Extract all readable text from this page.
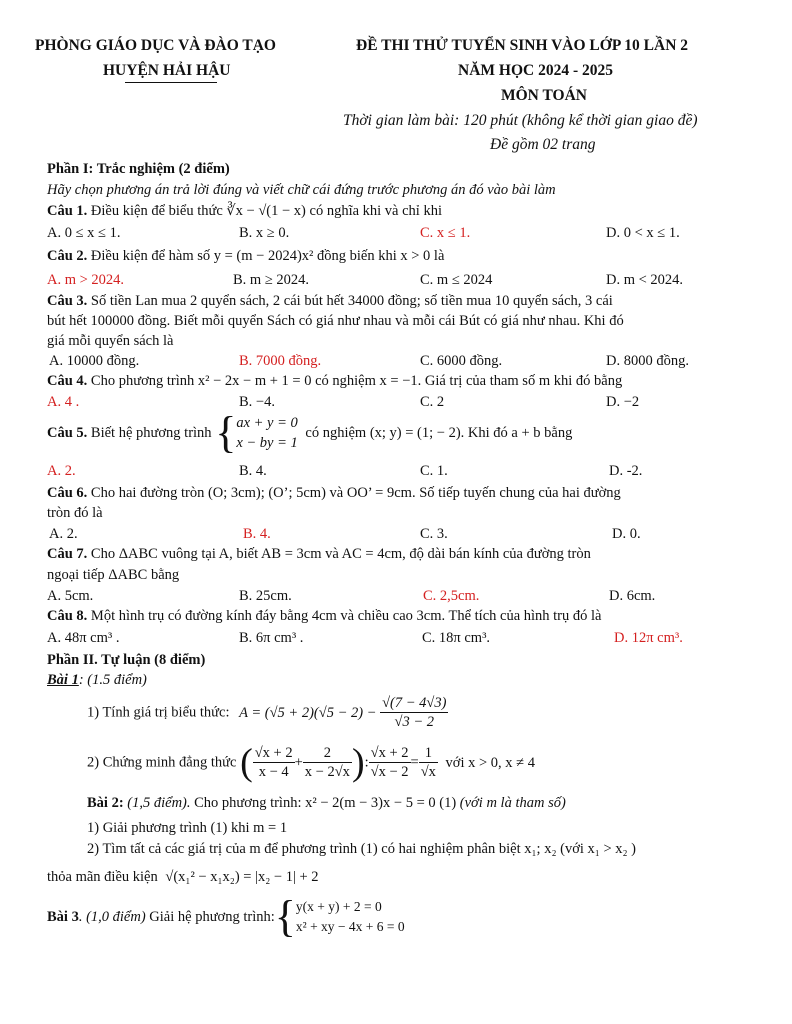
PHÒNG GIÁO DỤC VÀ ĐÀO TẠO
HUYỆN HẢI HẬU
ĐỀ THI THỬ TUYỂN SINH VÀO LỚP 10 LẦN 2
NĂM HỌC 2024 - 2025
MÔN TOÁN
Thời gian làm bài: 120 phút (không kể thời gian giao đề)
Đề gồm 02 trang
Phần I: Trắc nghiệm (2 điểm)
Hãy chọn phương án trả lời đúng và viết chữ cái đứng trước phương án đó vào bài làm
Câu 1. Điều kiện để biểu thức ∛x − √(1 − x) có nghĩa khi và chỉ khi
A. 0 ≤ x ≤ 1.	B. x ≥ 0.	C. x ≤ 1.	D. 0 < x ≤ 1.
Câu 2. Điều kiện để hàm số y = (m − 2024)x² đồng biến khi x > 0 là
A. m > 2024.	B. m ≥ 2024.	C. m ≤ 2024	D. m < 2024.
Câu 3. Số tiền Lan mua 2 quyển sách, 2 cái bút hết 34000 đồng; số tiền mua 10 quyển sách, 3 cái
bút hết 100000 đồng. Biết mỗi quyển Sách có giá như nhau và mỗi cái Bút có giá như nhau. Khi đó
giá mỗi quyển sách là
A. 10000 đồng.	B. 7000 đồng.	C. 6000 đồng.	D. 8000 đồng.
Câu 4. Cho phương trình x² − 2x − m + 1 = 0 có nghiệm x = −1. Giá trị của tham số m khi đó bằng
A. 4 .	B. −4.	C. 2	D. −2
Câu 5. Biết hệ phương trình {ax + y = 0
x − by = 1 có nghiệm (x; y) = (1; − 2). Khi đó a + b bằng
A. 2.	B. 4.	C. 1.	D. -2.
Câu 6. Cho hai đường tròn (O; 3cm); (O’; 5cm) và OO’ = 9cm. Số tiếp tuyến chung của hai đường
tròn đó là
A. 2.	B. 4.	C. 3.	D. 0.
Câu 7. Cho ΔABC vuông tại A, biết AB = 3cm và AC = 4cm, độ dài bán kính của đường tròn
ngoại tiếp ΔABC bằng
A. 5cm.	B. 25cm.	C. 2,5cm.	D. 6cm.
Câu 8. Một hình trụ có đường kính đáy bằng 4cm và chiều cao 3cm. Thể tích của hình trụ đó là
A. 48π cm³ .	B. 6π cm³ .	C. 18π cm³.	D. 12π cm³.
Phần II. Tự luận (8 điểm)
Bài 1: (1.5 điểm)
1) Tính giá trị biểu thức: $A = (√5 + 2)(√5 - 2) - \frac{√(7 - 4√3)}{√3 - 2}$
2) Chứng minh đẳng thức ( $\frac{√x + 2}{x - 4} + \frac{2}{x - 2√x}$ ): $\frac{√x + 2}{√x - 2} = \frac{1}{√x}$ với x > 0, x ≠ 4
Bài 2: (1,5 điểm). Cho phương trình: x² − 2(m − 3)x − 5 = 0 (1) (với m là tham số)
1) Giải phương trình (1) khi m = 1
2) Tìm tất cả các giá trị của m để phương trình (1) có hai nghiệm phân biệt x₁; x₂ (với x₁ > x₂ )
thỏa mãn điều kiện √(x₁² − x₁x₂) = |x₂ − 1| + 2
Bài 3. (1,0 điểm) Giải hệ phương trình:{y(x + y) + 2 = 0
x² + xy − 4x + 6 = 0
